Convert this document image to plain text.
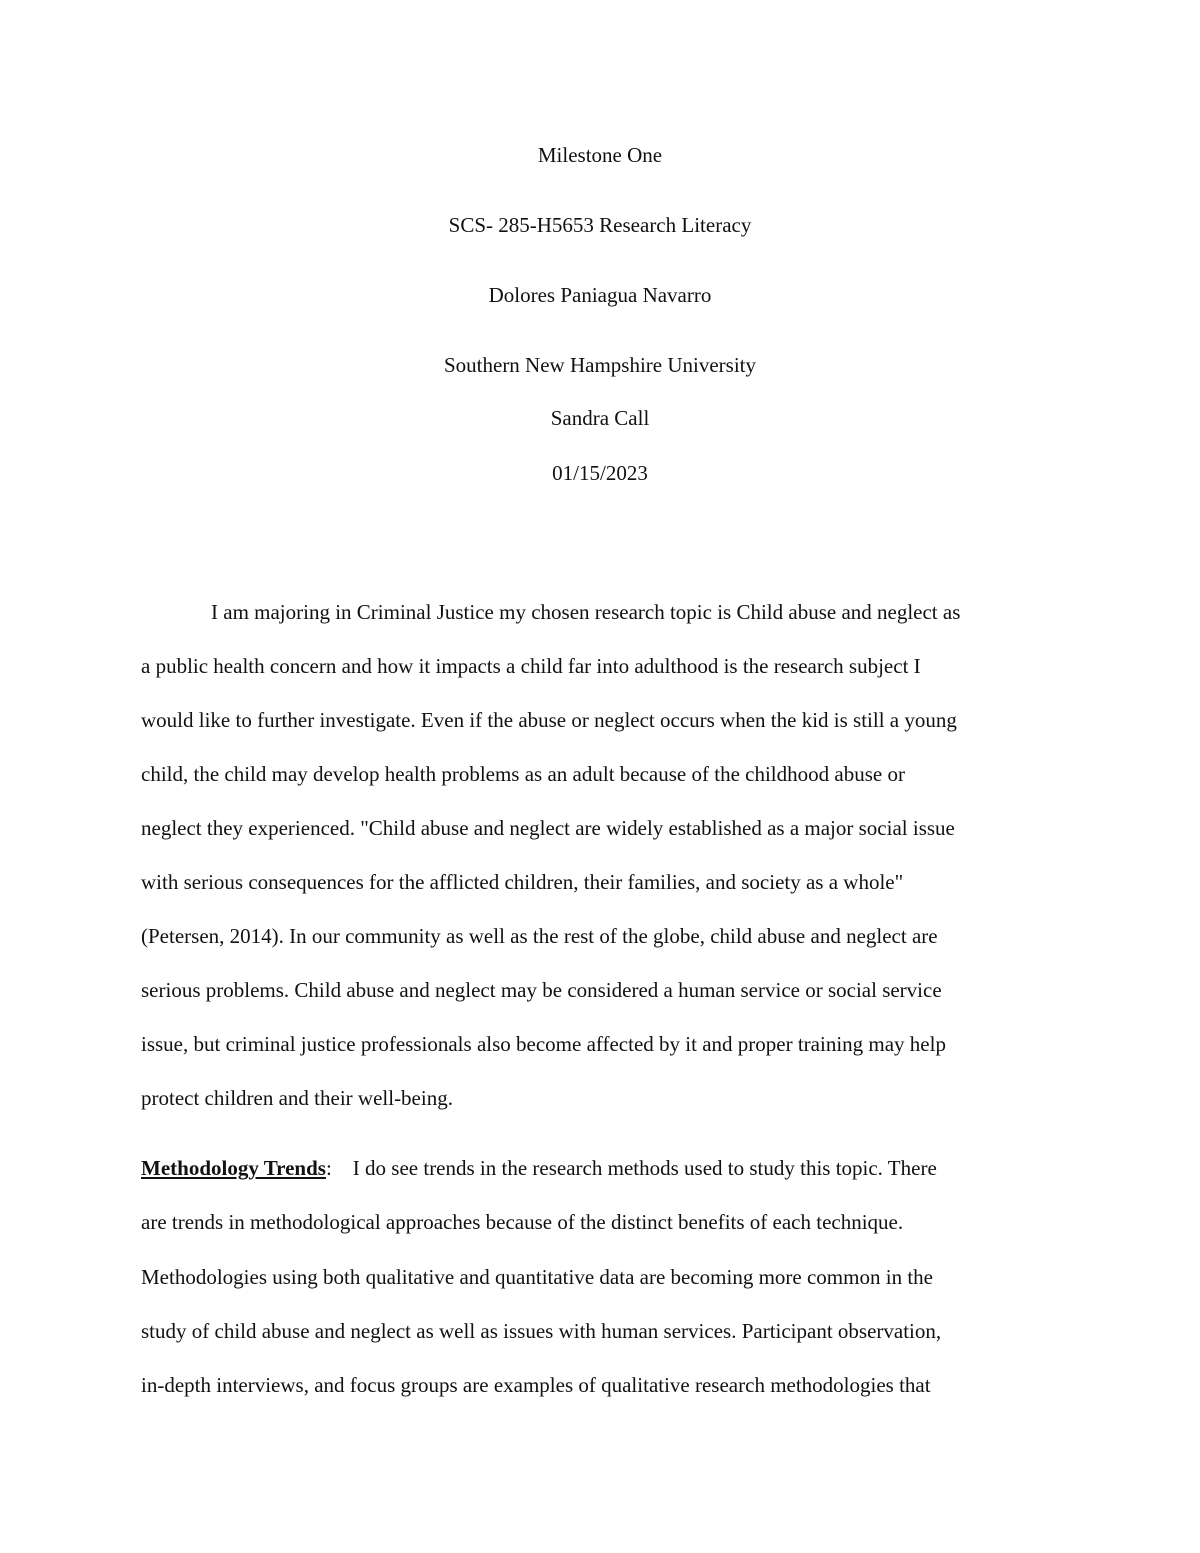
Milestone One
SCS- 285-H5653 Research Literacy
Dolores Paniagua Navarro
Southern New Hampshire University
Sandra Call
01/15/2023
I am majoring in Criminal Justice my chosen research topic is Child abuse and neglect as
a public health concern and how it impacts a child far into adulthood is the research subject I
would like to further investigate. Even if the abuse or neglect occurs when the kid is still a young
child, the child may develop health problems as an adult because of the childhood abuse or
neglect they experienced. "Child abuse and neglect are widely established as a major social issue
with serious consequences for the afflicted children, their families, and society as a whole"
(Petersen, 2014). In our community as well as the rest of the globe, child abuse and neglect are
serious problems. Child abuse and neglect may be considered a human service or social service
issue, but criminal justice professionals also become affected by it and proper training may help
protect children and their well-being.
Methodology Trends: I do see trends in the research methods used to study this topic. There
are trends in methodological approaches because of the distinct benefits of each technique.
Methodologies using both qualitative and quantitative data are becoming more common in the
study of child abuse and neglect as well as issues with human services. Participant observation,
in-depth interviews, and focus groups are examples of qualitative research methodologies that
